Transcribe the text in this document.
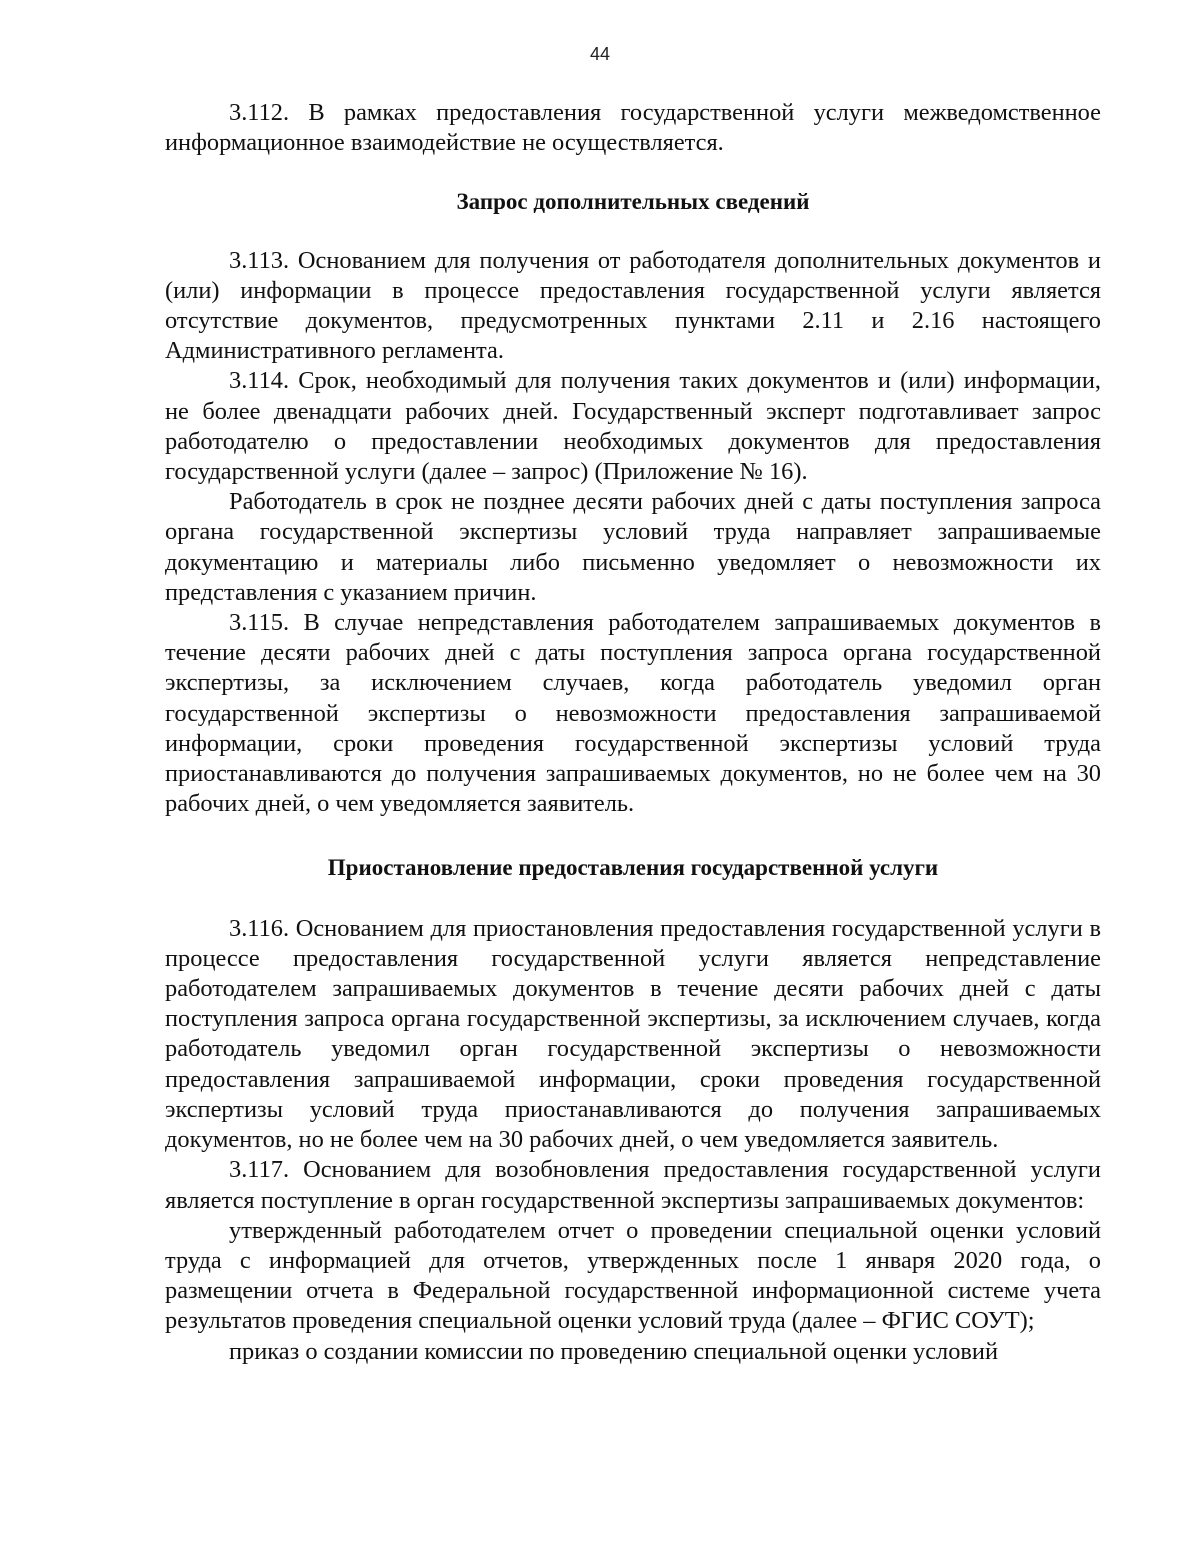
44

3.112. В рамках предоставления государственной услуги межведомственное информационное взаимодействие не осуществляется.

Запрос дополнительных сведений

3.113. Основанием для получения от работодателя дополнительных документов и (или) информации в процессе предоставления государственной услуги является отсутствие документов, предусмотренных пунктами 2.11 и 2.16 настоящего Административного регламента.

3.114. Срок, необходимый для получения таких документов и (или) информации, не более двенадцати рабочих дней. Государственный эксперт подготавливает запрос работодателю о предоставлении необходимых документов для предоставления государственной услуги (далее – запрос) (Приложение № 16).

Работодатель в срок не позднее десяти рабочих дней с даты поступления запроса органа государственной экспертизы условий труда направляет запрашиваемые документацию и материалы либо письменно уведомляет о невозможности их представления с указанием причин.

3.115. В случае непредставления работодателем запрашиваемых документов в течение десяти рабочих дней с даты поступления запроса органа государственной экспертизы, за исключением случаев, когда работодатель уведомил орган государственной экспертизы о невозможности предоставления запрашиваемой информации, сроки проведения государственной экспертизы условий труда приостанавливаются до получения запрашиваемых документов, но не более чем на 30 рабочих дней, о чем уведомляется заявитель.

Приостановление предоставления государственной услуги

3.116. Основанием для приостановления предоставления государственной услуги в процессе предоставления государственной услуги является непредставление работодателем запрашиваемых документов в течение десяти рабочих дней с даты поступления запроса органа государственной экспертизы, за исключением случаев, когда работодатель уведомил орган государственной экспертизы о невозможности предоставления запрашиваемой информации, сроки проведения государственной экспертизы условий труда приостанавливаются до получения запрашиваемых документов, но не более чем на 30 рабочих дней, о чем уведомляется заявитель.

3.117. Основанием для возобновления предоставления государственной услуги является поступление в орган государственной экспертизы запрашиваемых документов:

утвержденный работодателем отчет о проведении специальной оценки условий труда с информацией для отчетов, утвержденных после 1 января 2020 года, о размещении отчета в Федеральной государственной информационной системе учета результатов проведения специальной оценки условий труда (далее – ФГИС СОУТ);

приказ о создании комиссии по проведению специальной оценки условий
